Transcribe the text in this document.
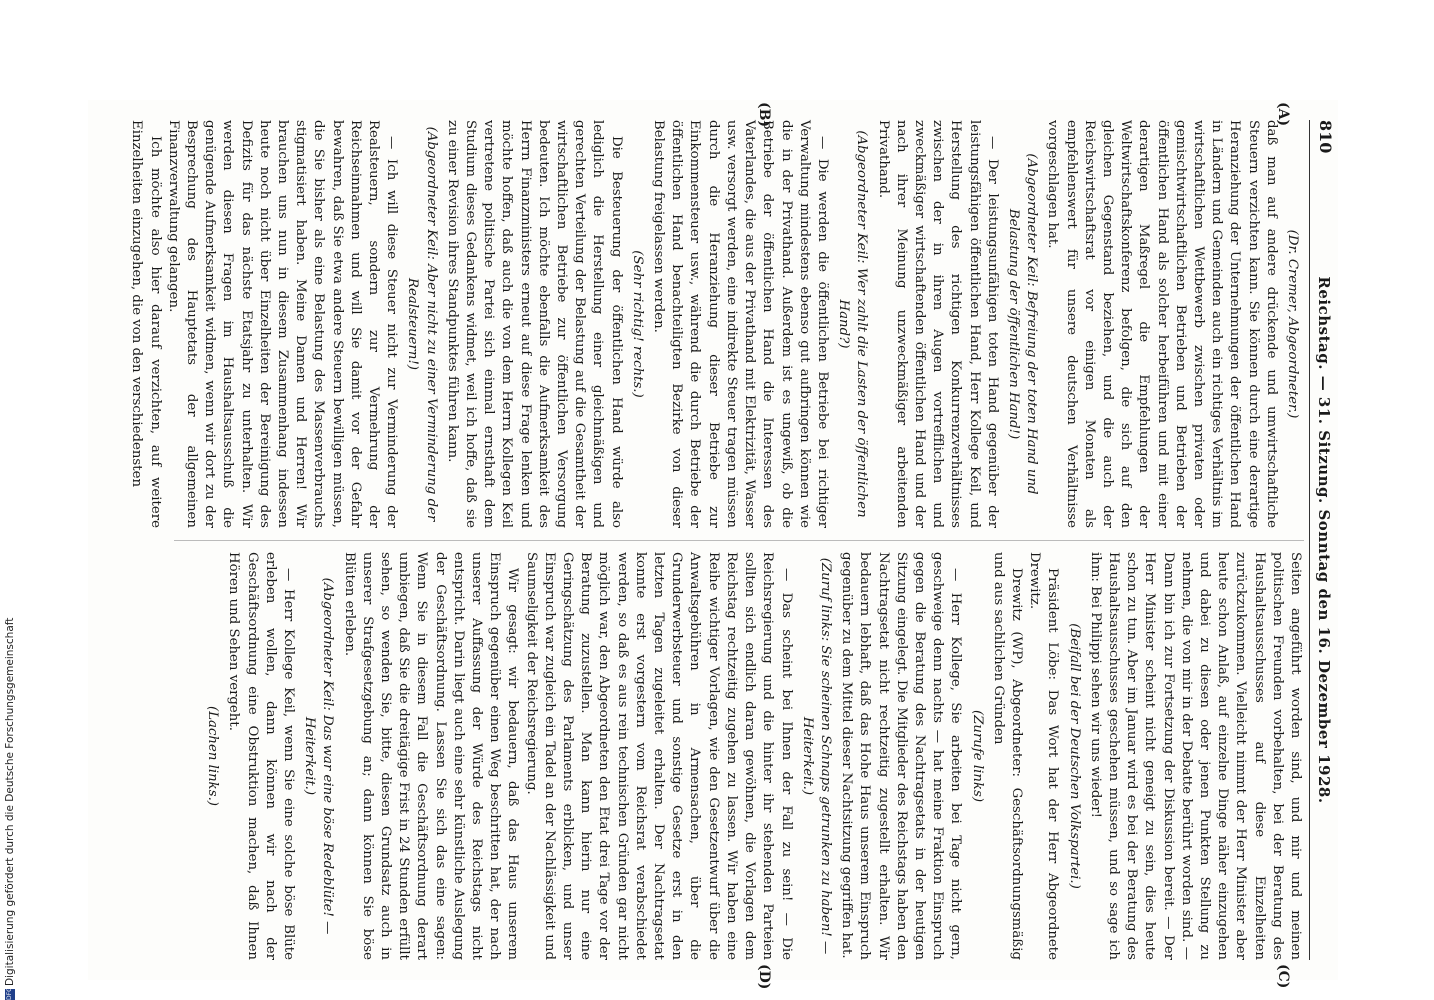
810
Reichstag. — 31. Sitzung. Sonntag den 16. Dezember 1928.
(A)
(B)
(C)
(D)

(Dr. Cremer, Abgeordneter.)

daß man auf andere drückende und umwirtschaftliche Steuern verzichten kann. Sie können durch eine derartige Heranziehung der Unternehmungen der öffentlichen Hand in Ländern und Gemeinden auch ein richtiges Verhältnis im wirtschaftlichen Wettbewerb zwischen privaten oder gemischtwirtschaftlichen Betrieben und Betrieben der öffentlichen Hand als solcher herbeiführen und mit einer derartigen Maßregel die Empfehlungen der Weltwirtschaftskonferenz befolgen, die sich auf den gleichen Gegenstand beziehen, und die auch der Reichswirtschaftsrat vor einigen Monaten als empfehlenswert für unsere deutschen Verhältnisse vorgeschlagen hat.

(Abgeordneter Keil: Befreiung der toten Hand und Belastung der öffentlichen Hand!)

— Der leistungsunfähigen toten Hand gegenüber der leistungsfähigen öffentlichen Hand, Herr Kollege Keil, und Herstellung des richtigen Konkurrenzverhältnisses zwischen der in ihren Augen vortrefflichen und zweckmäßiger wirtschaftenden öffentlichen Hand und der nach ihrer Meinung unzweckmäßiger arbeitenden Privathand.

(Abgeordneter Keil: Wer zahlt die Lasten der öffentlichen Hand?)

— Die werden die öffentlichen Betriebe bei richtiger Verwaltung mindestens ebenso gut aufbringen können wie die in der Privathand. Außerdem ist es ungewiß, ob die Betriebe der öffentlichen Hand die Interessen des Vaterlandes, die aus der Privathand mit Elektrizität, Wasser usw. versorgt werden, eine indirekte Steuer tragen müssen durch die Heranziehung dieser Betriebe zur Einkommensteuer usw., während die durch Betriebe der öffentlichen Hand benachteiligten Bezirke von dieser Belastung freigelassen werden.

(Sehr richtig! rechts.)

Die Besteuerung der öffentlichen Hand würde also lediglich die Herstellung einer gleichmäßigen und gerechten Verteilung der Belastung auf die Gesamtheit der wirtschaftlichen Betriebe zur öffentlichen Versorgung bedeuten. Ich möchte ebenfalls die Aufmerksamkeit des Herrn Finanzministers erneut auf diese Frage lenken und möchte hoffen, daß auch die von dem Herrn Kollegen Keil vertretene politische Partei sich einmal ernsthaft dem Studium dieses Gedankens widmet, weil ich hoffe, daß sie zu einer Revision ihres Standpunktes führen kann.

(Abgeordneter Keil: Aber nicht zu einer Verminderung der Realsteuern!)

— Ich will diese Steuer nicht zur Verminderung der Realsteuern, sondern zur Vermehrung der Reichseinnahmen und will Sie damit vor der Gefahr bewahren, daß Sie etwa andere Steuern bewilligen müssen, die Sie bisher als eine Belastung des Massenverbrauchs stigmatisiert haben. Meine Damen und Herren! Wir brauchen uns nun in diesem Zusammenhang indessen heute noch nicht über Einzelheiten der Bereinigung des Defizits für das nächste Etatsjahr zu unterhalten. Wir werden diesen Fragen im Haushaltsausschuß die genügende Aufmerksamkeit widmen, wenn wir dort zu der Besprechung des Hauptetats der allgemeinen Finanzverwaltung gelangen.

Ich möchte also hier darauf verzichten, auf weitere Einzelheiten einzugehen, die von den verschiedensten

Seiten angeführt worden sind, und mir und meinen politischen Freunden vorbehalten, bei der Beratung des Haushaltsausschusses auf diese Einzelheiten zurückzukommen. Vielleicht nimmt der Herr Minister aber heute schon Anlaß, auf einzelne Dinge näher einzugehen und dabei zu diesen oder jenen Punkten Stellung zu nehmen, die von mir in der Debatte berührt worden sind. — Dann bin ich zur Fortsetzung der Diskussion bereit. — Der Herr Minister scheint nicht geneigt zu sein, dies heute schon zu tun. Aber im Januar wird es bei der Beratung des Haushaltsausschusses geschehen müssen, und so sage ich ihm: Bei Philippi sehen wir uns wieder!

(Beifall bei der Deutschen Volkspartei.)

Präsident Löbe: Das Wort hat der Herr Abgeordnete Drewitz.

Drewitz (WP), Abgeordneter: Geschäftsordnungsmäßig und aus sachlichen Gründen

(Zurufe links)

— Herr Kollege, Sie arbeiten bei Tage nicht gern, geschweige denn nachts — hat meine Fraktion Einspruch gegen die Beratung des Nachtragsetats in der heutigen Sitzung eingelegt. Die Mitglieder des Reichstags haben den Nachtragsetat nicht rechtzeitig zugestellt erhalten. Wir bedauern lebhaft, daß das Hohe Haus unserem Einspruch gegenüber zu dem Mittel dieser Nachtsitzung gegriffen hat.

(Zuruf links: Sie scheinen Schnaps getrunken zu haben! — Heiterkeit.)

— Das scheint bei Ihnen der Fall zu sein! — Die Reichsregierung und die hinter ihr stehenden Parteien sollten sich endlich daran gewöhnen, die Vorlagen dem Reichstag rechtzeitig zugehen zu lassen. Wir haben eine Reihe wichtiger Vorlagen, wie den Gesetzentwurf über die Anwaltsgebühren in Armensachen, über die Grunderwerbsteuer und sonstige Gesetze erst in den letzten Tagen zugeleitet erhalten. Der Nachtragsetat konnte erst vorgestern vom Reichsrat verabschiedet werden, so daß es aus rein technischen Gründen gar nicht möglich war, den Abgeordneten den Etat drei Tage vor der Beratung zuzustellen. Man kann hierin nur eine Geringschätzung des Parlaments erblicken, und unser Einspruch war zugleich ein Tadel an der Nachlässigkeit und Saumseligkeit der Reichsregierung.

Wir gesagt: wir bedauern, daß das Haus unserem Einspruch gegenüber einen Weg beschritten hat, der nach unserer Auffassung der Würde des Reichstags nicht entspricht. Darin liegt auch eine sehr künstliche Auslegung der Geschäftsordnung. Lassen Sie sich das eine sagen: Wenn Sie in diesem Fall die Geschäftsordnung derart umbiegen, daß Sie die dreitägige Frist in 24 Stunden erfüllt sehen, so wenden Sie, bitte, diesen Grundsatz auch in unserer Strafgesetzgebung an; dann können Sie böse Blüten erleben.

(Abgeordneter Keil: Das war eine böse Redeblüte! — Heiterkeit.)

— Herr Kollege Keil, wenn Sie eine solche böse Blüte erleben wollen, dann können wir nach der Geschäftsordnung eine Obstruktion machen, daß Ihnen Hören und Sehen vergeht.

(Lachen links.)

DFG
Digitalisierung gefördert durch die Deutsche Forschungsgemeinschaft
